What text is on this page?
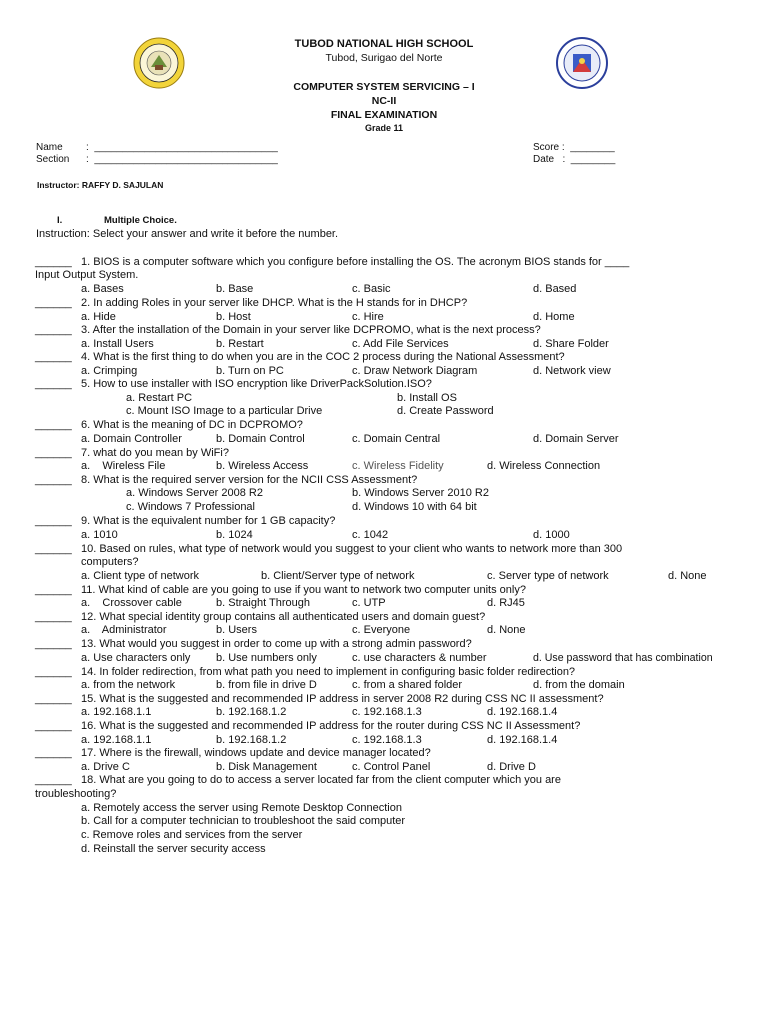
TUBOD NATIONAL HIGH SCHOOL
Tubod, Surigao del Norte
COMPUTER SYSTEM SERVICING – I
NC-II
FINAL EXAMINATION
Grade 11
Name :  _________________________________
Section :  _________________________________
Score :  ________
Date   :  ________
Instructor: RAFFY D. SAJULAN
I.	Multiple Choice.
Instruction: Select your answer and write it before the number.
______ 1. BIOS is a computer software which you configure before installing the OS. The acronym BIOS stands for ____
Input Output System.
a. Bases	b. Base	c. Basic	d. Based
______ 2. In adding Roles in your server like DHCP. What is the H stands for in DHCP?
a. Hide	b. Host	c. Hire	d. Home
______ 3. After the installation of the Domain in your server like DCPROMO, what is the next process?
a. Install Users	b. Restart	c. Add File Services	d. Share Folder
______ 4. What is the first thing to do when you are in the COC 2 process during the National Assessment?
a. Crimping	b. Turn on PC	c. Draw Network Diagram	d. Network view
______ 5. How to use installer with ISO encryption like DriverPackSolution.ISO?
a. Restart PC	b. Install OS
c. Mount ISO Image to a particular Drive	d. Create Password
______ 6. What is the meaning of DC in DCPROMO?
a. Domain Controller	b. Domain Control	c. Domain Central	d. Domain Server
______ 7. what do you mean by WiFi?
a.    Wireless File	b. Wireless Access	c. Wireless Fidelity	d. Wireless Connection
______ 8. What is the required server version for the NCII CSS Assessment?
a. Windows Server 2008 R2	b. Windows Server 2010 R2
c. Windows 7 Professional	d. Windows 10 with 64 bit
______ 9. What is the equivalent number for 1 GB capacity?
a. 1010	b. 1024	c. 1042	d. 1000
______ 10. Based on rules, what type of network would you suggest to your client who wants to network more than 300
computers?
a. Client type of network	b. Client/Server type of network	c. Server type of network	d. None
______ 11. What kind of cable are you going to use if you want to network two computer units only?
a.    Crossover cable	b. Straight Through	c. UTP	d. RJ45
______ 12. What special identity group contains all authenticated users and domain guest?
a.    Administrator	b. Users	c. Everyone	d. None
______ 13. What would you suggest in order to come up with a strong admin password?
a. Use characters only b. Use numbers only	c. use characters & number	d. Use password that has combination
______ 14. In folder redirection, from what path you need to implement in configuring basic folder redirection?
a. from the network	b. from file in drive D	c. from a shared folder	d. from the domain
______ 15. What is the suggested and recommended IP address in server 2008 R2 during CSS NC II assessment?
a. 192.168.1.1	b. 192.168.1.2	c. 192.168.1.3	d. 192.168.1.4
______ 16. What is the suggested and recommended IP address for the router during CSS NC II Assessment?
a. 192.168.1.1	b. 192.168.1.2	c. 192.168.1.3	d. 192.168.1.4
______ 17. Where is the firewall, windows update and device manager located?
a. Drive C	b. Disk Management	c. Control Panel	d. Drive D
______ 18. What are you going to do to access a server located far from the client computer which you are
troubleshooting?
a. Remotely access the server using Remote Desktop Connection
b. Call for a computer technician to troubleshoot the said computer
c. Remove roles and services from the server
d. Reinstall the server security access
